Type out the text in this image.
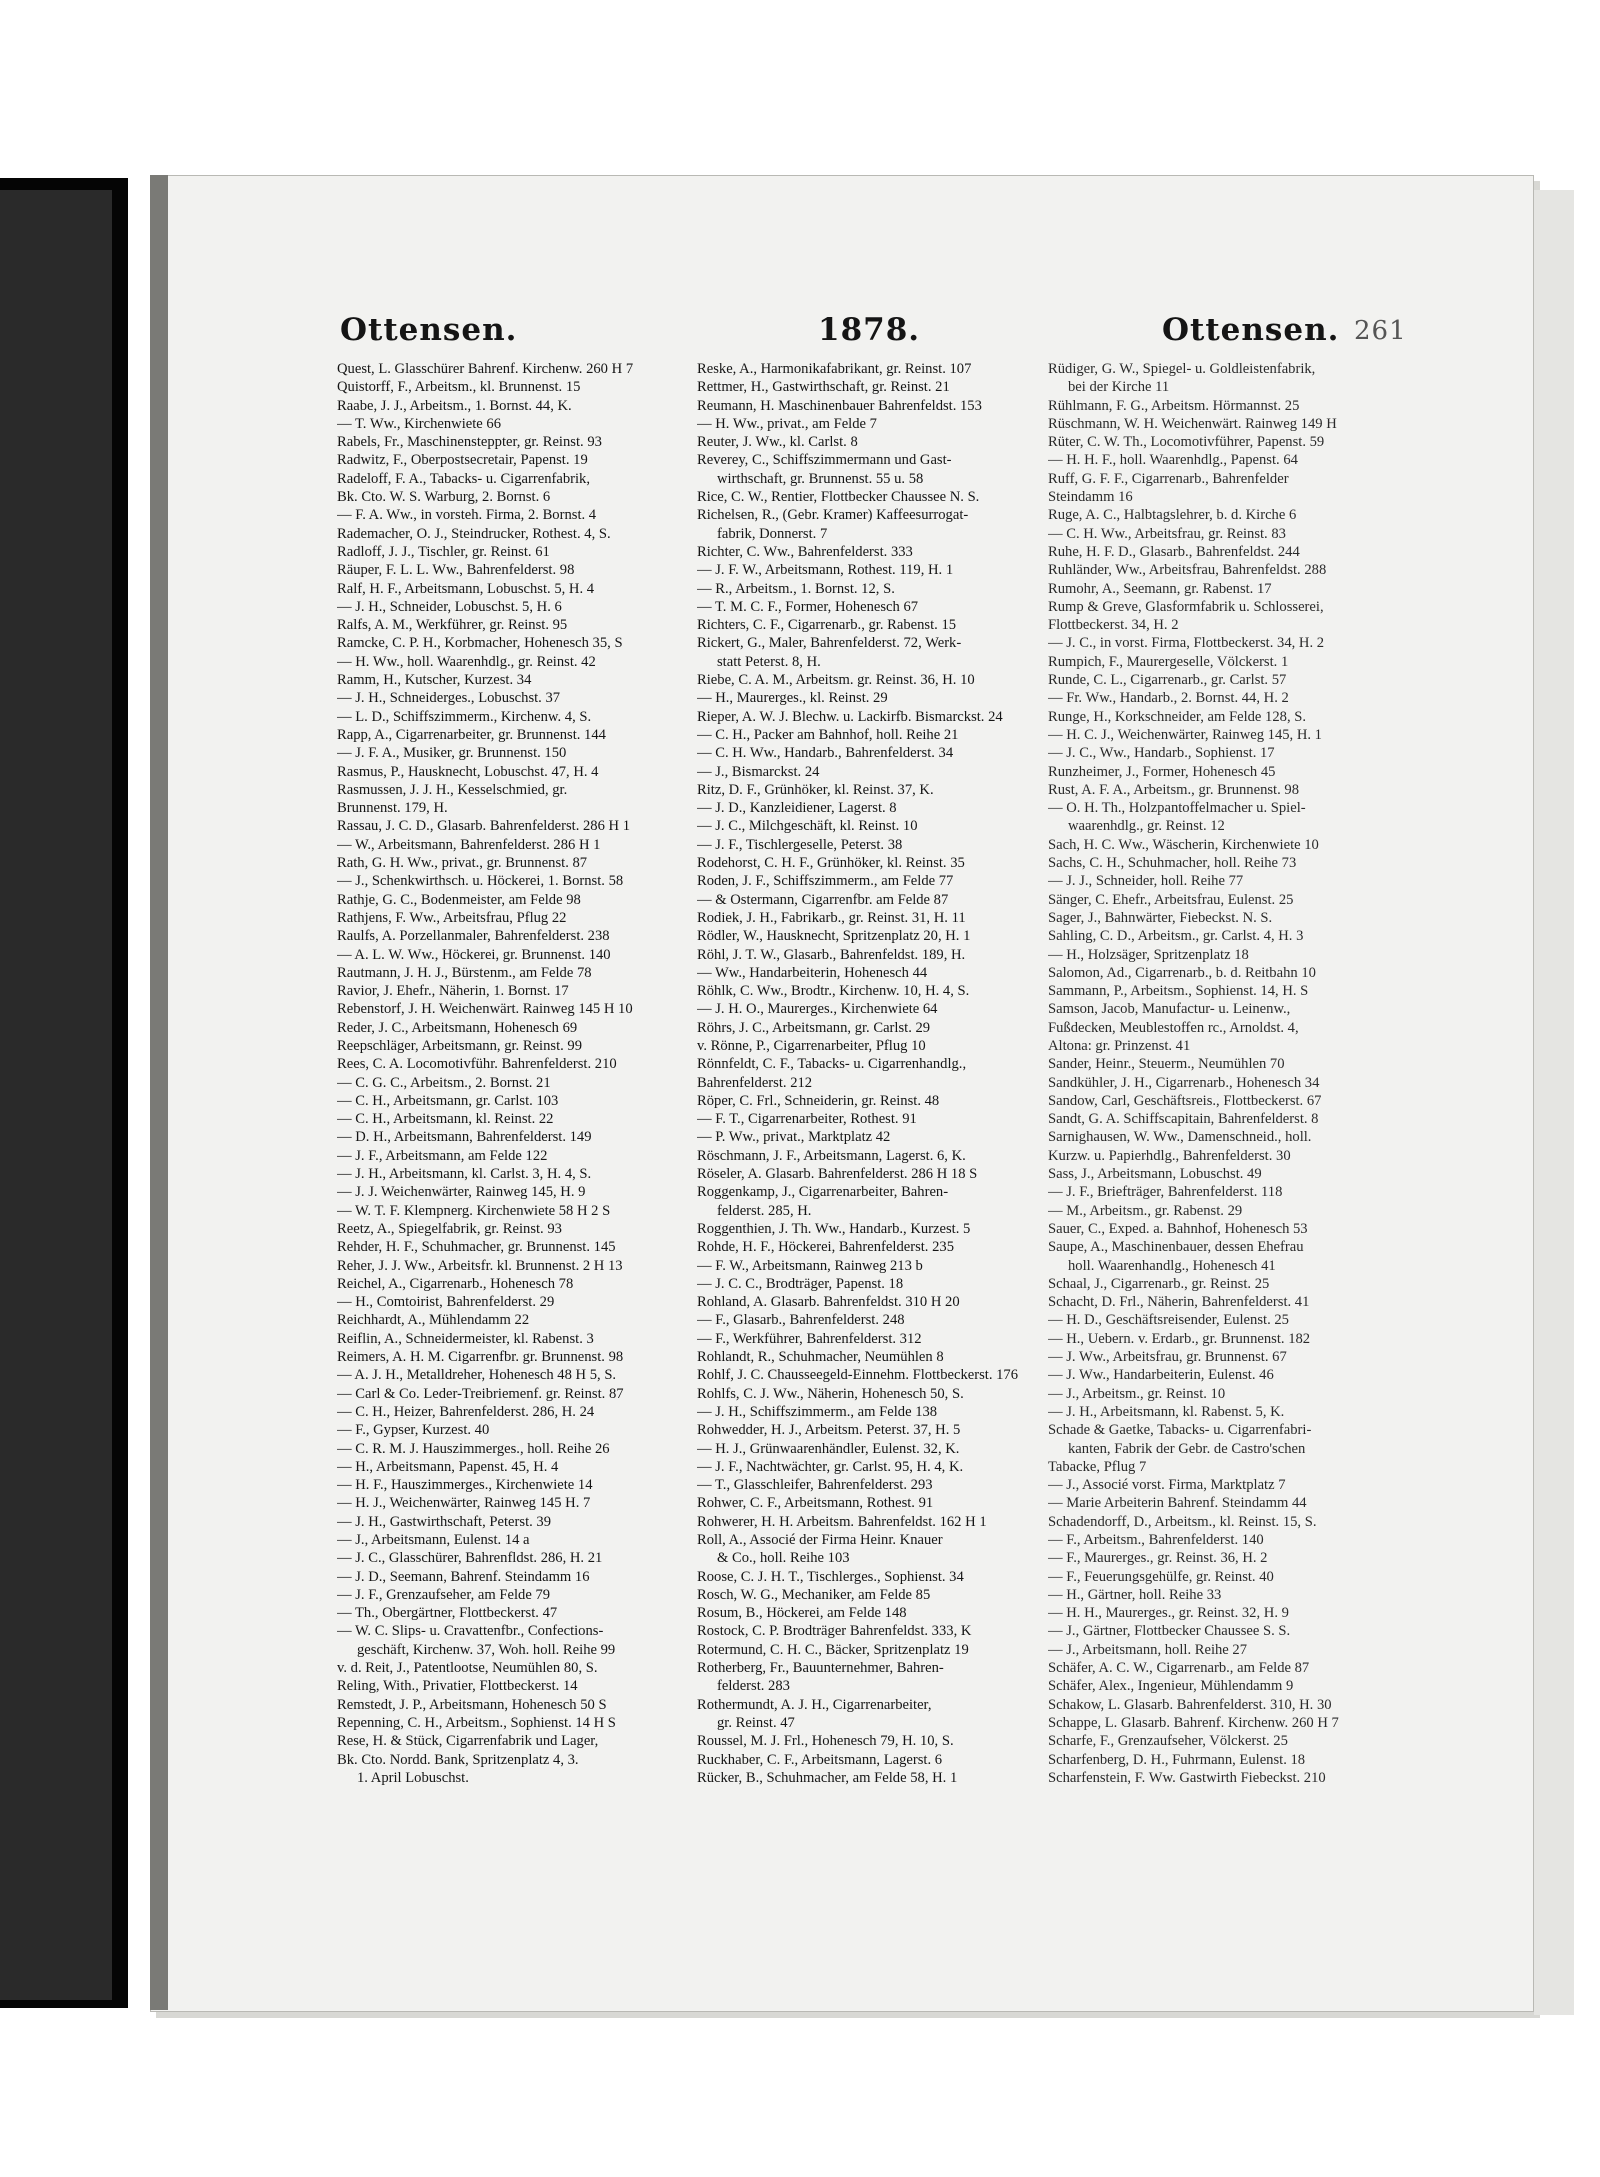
Ottensen.	1878.	Ottensen. 261
Quest, L. Glasschürer Bahrenf. Kirchenw. 260 H 7
Quistorff, F., Arbeitsm., kl. Brunnenst. 15
Raabe, J. J., Arbeitsm., 1. Bornst. 44, K.
— T. Ww., Kirchenwiete 66
Rabels, Fr., Maschinensteppter, gr. Reinst. 93
Radwitz, F., Oberpostsecretair, Papenst. 19
Radeloff, F. A., Tabacks- u. Cigarrenfabrik,
Bk. Cto. W. S. Warburg, 2. Bornst. 6
— F. A. Ww., in vorsteh. Firma, 2. Bornst. 4
Rademacher, O. J., Steindrucker, Rothest. 4, S.
Radloff, J. J., Tischler, gr. Reinst. 61
Räuper, F. L. L. Ww., Bahrenfelderst. 98
Ralf, H. F., Arbeitsmann, Lobuschst. 5, H. 4
— J. H., Schneider, Lobuschst. 5, H. 6
Ralfs, A. M., Werkführer, gr. Reinst. 95
Ramcke, C. P. H., Korbmacher, Hohenesch 35, S
— H. Ww., holl. Waarenhdlg., gr. Reinst. 42
Ramm, H., Kutscher, Kurzest. 34
— J. H., Schneiderges., Lobuschst. 37
— L. D., Schiffszimmerm., Kirchenw. 4, S.
Rapp, A., Cigarrenarbeiter, gr. Brunnenst. 144
— J. F. A., Musiker, gr. Brunnenst. 150
Rasmus, P., Hausknecht, Lobuschst. 47, H. 4
Rasmussen, J. J. H., Kesselschmied, gr.
Brunnenst. 179, H.
Rassau, J. C. D., Glasarb. Bahrenfelderst. 286 H 1
— W., Arbeitsmann, Bahrenfelderst. 286 H 1
Rath, G. H. Ww., privat., gr. Brunnenst. 87
— J., Schenkwirthsch. u. Höckerei, 1. Bornst. 58
Rathje, G. C., Bodenmeister, am Felde 98
Rathjens, F. Ww., Arbeitsfrau, Pflug 22
Raulfs, A. Porzellanmaler, Bahrenfelderst. 238
— A. L. W. Ww., Höckerei, gr. Brunnenst. 140
Rautmann, J. H. J., Bürstenm., am Felde 78
Ravior, J. Ehefr., Näherin, 1. Bornst. 17
Rebenstorf, J. H. Weichenwärt. Rainweg 145 H 10
Reder, J. C., Arbeitsmann, Hohenesch 69
Reepschläger, Arbeitsmann, gr. Reinst. 99
Rees, C. A. Locomotivführ. Bahrenfelderst. 210
— C. G. C., Arbeitsm., 2. Bornst. 21
— C. H., Arbeitsmann, gr. Carlst. 103
— C. H., Arbeitsmann, kl. Reinst. 22
— D. H., Arbeitsmann, Bahrenfelderst. 149
— J. F., Arbeitsmann, am Felde 122
— J. H., Arbeitsmann, kl. Carlst. 3, H. 4, S.
— J. J. Weichenwärter, Rainweg 145, H. 9
— W. T. F. Klempnerg. Kirchenwiete 58 H 2 S
Reetz, A., Spiegelfabrik, gr. Reinst. 93
Rehder, H. F., Schuhmacher, gr. Brunnenst. 145
Reher, J. J. Ww., Arbeitsfr. kl. Brunnenst. 2 H 13
Reichel, A., Cigarrenarb., Hohenesch 78
— H., Comtoirist, Bahrenfelderst. 29
Reichhardt, A., Mühlendamm 22
Reiflin, A., Schneidermeister, kl. Rabenst. 3
Reimers, A. H. M. Cigarrenfbr. gr. Brunnenst. 98
— A. J. H., Metalldreher, Hohenesch 48 H 5, S.
— Carl & Co. Leder-Treibriemenf. gr. Reinst. 87
— C. H., Heizer, Bahrenfelderst. 286, H. 24
— F., Gypser, Kurzest. 40
— C. R. M. J. Hauszimmerges., holl. Reihe 26
— H., Arbeitsmann, Papenst. 45, H. 4
— H. F., Hauszimmerges., Kirchenwiete 14
— H. J., Weichenwärter, Rainweg 145 H. 7
— J. H., Gastwirthschaft, Peterst. 39
— J., Arbeitsmann, Eulenst. 14 a
— J. C., Glasschürer, Bahrenfldst. 286, H. 21
— J. D., Seemann, Bahrenf. Steindamm 16
— J. F., Grenzaufseher, am Felde 79
— Th., Obergärtner, Flottbeckerst. 47
— W. C. Slips- u. Cravattenfbr., Confections-
geschäft, Kirchenw. 37, Woh. holl. Reihe 99
v. d. Reit, J., Patentlootse, Neumühlen 80, S.
Reling, With., Privatier, Flottbeckerst. 14
Remstedt, J. P., Arbeitsmann, Hohenesch 50 S
Repenning, C. H., Arbeitsm., Sophienst. 14 H S
Rese, H. & Stück, Cigarrenfabrik und Lager,
Bk. Cto. Nordd. Bank, Spritzenplatz 4, 3.
1. April Lobuschst.
Reske, A., Harmonikafabrikant, gr. Reinst. 107
Rettmer, H., Gastwirthschaft, gr. Reinst. 21
Reumann, H. Maschinenbauer Bahrenfeldst. 153
— H. Ww., privat., am Felde 7
Reuter, J. Ww., kl. Carlst. 8
Reverey, C., Schiffszimmermann und Gast-
wirthschaft, gr. Brunnenst. 55 u. 58
Rice, C. W., Rentier, Flottbecker Chaussee N. S.
Richelsen, R., (Gebr. Kramer) Kaffeesurrogat-
fabrik, Donnerst. 7
Richter, C. Ww., Bahrenfelderst. 333
— J. F. W., Arbeitsmann, Rothest. 119, H. 1
— R., Arbeitsm., 1. Bornst. 12, S.
— T. M. C. F., Former, Hohenesch 67
Richters, C. F., Cigarrenarb., gr. Rabenst. 15
Rickert, G., Maler, Bahrenfelderst. 72, Werk-
statt Peterst. 8, H.
Riebe, C. A. M., Arbeitsm. gr. Reinst. 36, H. 10
— H., Maurerges., kl. Reinst. 29
Rieper, A. W. J. Blechw. u. Lackirfb. Bismarckst. 24
— C. H., Packer am Bahnhof, holl. Reihe 21
— C. H. Ww., Handarb., Bahrenfelderst. 34
— J., Bismarckst. 24
Ritz, D. F., Grünhöker, kl. Reinst. 37, K.
— J. D., Kanzleidiener, Lagerst. 8
— J. C., Milchgeschäft, kl. Reinst. 10
— J. F., Tischlergeselle, Peterst. 38
Rodehorst, C. H. F., Grünhöker, kl. Reinst. 35
Roden, J. F., Schiffszimmerm., am Felde 77
— & Ostermann, Cigarrenfbr. am Felde 87
Rodiek, J. H., Fabrikarb., gr. Reinst. 31, H. 11
Rödler, W., Hausknecht, Spritzenplatz 20, H. 1
Röhl, J. T. W., Glasarb., Bahrenfeldst. 189, H.
— Ww., Handarbeiterin, Hohenesch 44
Röhlk, C. Ww., Brodtr., Kirchenw. 10, H. 4, S.
— J. H. O., Maurerges., Kirchenwiete 64
Röhrs, J. C., Arbeitsmann, gr. Carlst. 29
v. Rönne, P., Cigarrenarbeiter, Pflug 10
Rönnfeldt, C. F., Tabacks- u. Cigarrenhandlg.,
Bahrenfelderst. 212
Röper, C. Frl., Schneiderin, gr. Reinst. 48
— F. T., Cigarrenarbeiter, Rothest. 91
— P. Ww., privat., Marktplatz 42
Röschmann, J. F., Arbeitsmann, Lagerst. 6, K.
Röseler, A. Glasarb. Bahrenfelderst. 286 H 18 S
Roggenkamp, J., Cigarrenarbeiter, Bahren-
felderst. 285, H.
Roggenthien, J. Th. Ww., Handarb., Kurzest. 5
Rohde, H. F., Höckerei, Bahrenfelderst. 235
— F. W., Arbeitsmann, Rainweg 213 b
— J. C. C., Brodträger, Papenst. 18
Rohland, A. Glasarb. Bahrenfeldst. 310 H 20
— F., Glasarb., Bahrenfelderst. 248
— F., Werkführer, Bahrenfelderst. 312
Rohlandt, R., Schuhmacher, Neumühlen 8
Rohlf, J. C. Chausseegeld-Einnehm. Flottbeckerst. 176
Rohlfs, C. J. Ww., Näherin, Hohenesch 50, S.
— J. H., Schiffszimmerm., am Felde 138
Rohwedder, H. J., Arbeitsm. Peterst. 37, H. 5
— H. J., Grünwaarenhändler, Eulenst. 32, K.
— J. F., Nachtwächter, gr. Carlst. 95, H. 4, K.
— T., Glasschleifer, Bahrenfelderst. 293
Rohwer, C. F., Arbeitsmann, Rothest. 91
Rohwerer, H. H. Arbeitsm. Bahrenfeldst. 162 H 1
Roll, A., Associé der Firma Heinr. Knauer
& Co., holl. Reihe 103
Roose, C. J. H. T., Tischlerges., Sophienst. 34
Rosch, W. G., Mechaniker, am Felde 85
Rosum, B., Höckerei, am Felde 148
Rostock, C. P. Brodträger Bahrenfeldst. 333, K
Rotermund, C. H. C., Bäcker, Spritzenplatz 19
Rotherberg, Fr., Bauunternehmer, Bahren-
felderst. 283
Rothermundt, A. J. H., Cigarrenarbeiter,
gr. Reinst. 47
Roussel, M. J. Frl., Hohenesch 79, H. 10, S.
Ruckhaber, C. F., Arbeitsmann, Lagerst. 6
Rücker, B., Schuhmacher, am Felde 58, H. 1
Rüdiger, G. W., Spiegel- u. Goldleistenfabrik,
bei der Kirche 11
Rühlmann, F. G., Arbeitsm. Hörmannst. 25
Rüschmann, W. H. Weichenwärt. Rainweg 149 H
Rüter, C. W. Th., Locomotivführer, Papenst. 59
— H. H. F., holl. Waarenhdlg., Papenst. 64
Ruff, G. F. F., Cigarrenarb., Bahrenfelder
Steindamm 16
Ruge, A. C., Halbtagslehrer, b. d. Kirche 6
— C. H. Ww., Arbeitsfrau, gr. Reinst. 83
Ruhe, H. F. D., Glasarb., Bahrenfeldst. 244
Ruhländer, Ww., Arbeitsfrau, Bahrenfeldst. 288
Rumohr, A., Seemann, gr. Rabenst. 17
Rump & Greve, Glasformfabrik u. Schlosserei,
Flottbeckerst. 34, H. 2
— J. C., in vorst. Firma, Flottbeckerst. 34, H. 2
Rumpich, F., Maurergeselle, Völckerst. 1
Runde, C. L., Cigarrenarb., gr. Carlst. 57
— Fr. Ww., Handarb., 2. Bornst. 44, H. 2
Runge, H., Korkschneider, am Felde 128, S.
— H. C. J., Weichenwärter, Rainweg 145, H. 1
— J. C., Ww., Handarb., Sophienst. 17
Runzheimer, J., Former, Hohenesch 45
Rust, A. F. A., Arbeitsm., gr. Brunnenst. 98
— O. H. Th., Holzpantoffelmacher u. Spiel-
waarenhdlg., gr. Reinst. 12
Sach, H. C. Ww., Wäscherin, Kirchenwiete 10
Sachs, C. H., Schuhmacher, holl. Reihe 73
— J. J., Schneider, holl. Reihe 77
Sänger, C. Ehefr., Arbeitsfrau, Eulenst. 25
Sager, J., Bahnwärter, Fiebeckst. N. S.
Sahling, C. D., Arbeitsm., gr. Carlst. 4, H. 3
— H., Holzsäger, Spritzenplatz 18
Salomon, Ad., Cigarrenarb., b. d. Reitbahn 10
Sammann, P., Arbeitsm., Sophienst. 14, H. S
Samson, Jacob, Manufactur- u. Leinenw.,
Fußdecken, Meublestoffen rc., Arnoldst. 4,
Altona: gr. Prinzenst. 41
Sander, Heinr., Steuerm., Neumühlen 70
Sandkühler, J. H., Cigarrenarb., Hohenesch 34
Sandow, Carl, Geschäftsreis., Flottbeckerst. 67
Sandt, G. A. Schiffscapitain, Bahrenfelderst. 8
Sarnighausen, W. Ww., Damenschneid., holl.
Kurzw. u. Papierhdlg., Bahrenfelderst. 30
Sass, J., Arbeitsmann, Lobuschst. 49
— J. F., Briefträger, Bahrenfelderst. 118
— M., Arbeitsm., gr. Rabenst. 29
Sauer, C., Exped. a. Bahnhof, Hohenesch 53
Saupe, A., Maschinenbauer, dessen Ehefrau
holl. Waarenhandlg., Hohenesch 41
Schaal, J., Cigarrenarb., gr. Reinst. 25
Schacht, D. Frl., Näherin, Bahrenfelderst. 41
— H. D., Geschäftsreisender, Eulenst. 25
— H., Uebern. v. Erdarb., gr. Brunnenst. 182
— J. Ww., Arbeitsfrau, gr. Brunnenst. 67
— J. Ww., Handarbeiterin, Eulenst. 46
— J., Arbeitsm., gr. Reinst. 10
— J. H., Arbeitsmann, kl. Rabenst. 5, K.
Schade & Gaetke, Tabacks- u. Cigarrenfabri-
kanten, Fabrik der Gebr. de Castro'schen
Tabacke, Pflug 7
— J., Associé vorst. Firma, Marktplatz 7
— Marie Arbeiterin Bahrenf. Steindamm 44
Schadendorff, D., Arbeitsm., kl. Reinst. 15, S.
— F., Arbeitsm., Bahrenfelderst. 140
— F., Maurerges., gr. Reinst. 36, H. 2
— F., Feuerungsgehülfe, gr. Reinst. 40
— H., Gärtner, holl. Reihe 33
— H. H., Maurerges., gr. Reinst. 32, H. 9
— J., Gärtner, Flottbecker Chaussee S. S.
— J., Arbeitsmann, holl. Reihe 27
Schäfer, A. C. W., Cigarrenarb., am Felde 87
Schäfer, Alex., Ingenieur, Mühlendamm 9
Schakow, L. Glasarb. Bahrenfelderst. 310, H. 30
Schappe, L. Glasarb. Bahrenf. Kirchenw. 260 H 7
Scharfe, F., Grenzaufseher, Völckerst. 25
Scharfenberg, D. H., Fuhrmann, Eulenst. 18
Scharfenstein, F. Ww. Gastwirth Fiebeckst. 210
